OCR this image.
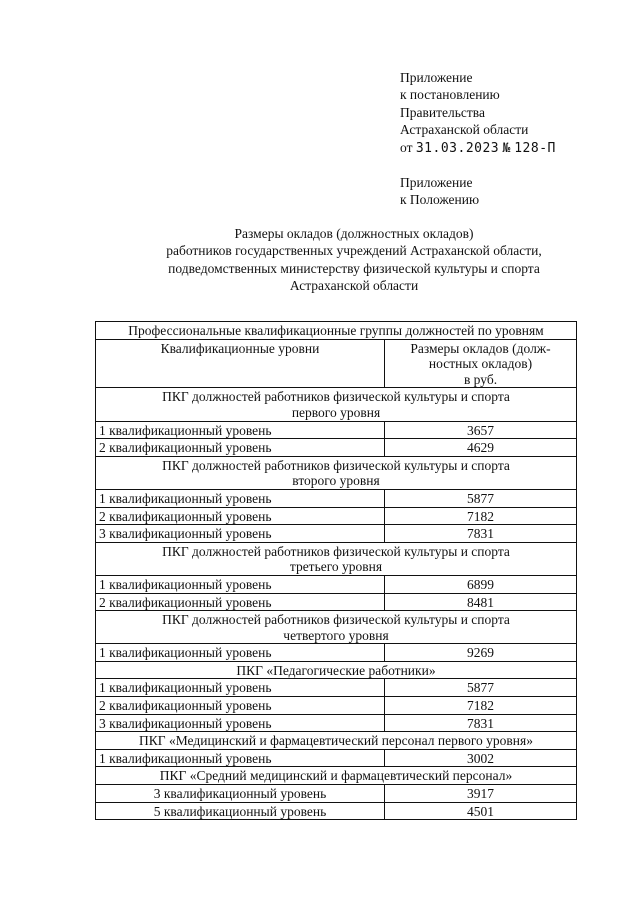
Приложение
к постановлению
Правительства
Астраханской области
от 31.03.2023 № 128-П
Приложение
к Положению
Размеры окладов (должностных окладов)
работников государственных учреждений Астраханской области,
подведомственных министерству физической культуры и спорта
Астраханской области
Профессиональные квалификационные группы должностей по уровням	
Квалификационные уровни	Размеры окладов (долж-
ностных окладов)
в руб.

ПКГ должностей работников физической культуры и спорта
первого уровня	

1 квалификационный уровень	3657
2 квалификационный уровень	4629

ПКГ должностей работников физической культуры и спорта
второго уровня	

1 квалификационный уровень	5877
2 квалификационный уровень	7182
3 квалификационный уровень	7831

ПКГ должностей работников физической культуры и спорта
третьего уровня	

1 квалификационный уровень	6899
2 квалификационный уровень	8481

ПКГ должностей работников физической культуры и спорта
четвертого уровня	

1 квалификационный уровень	9269

ПКГ «Педагогические работники»	

1 квалификационный уровень	5877
2 квалификационный уровень	7182
3 квалификационный уровень	7831

ПКГ «Медицинский и фармацевтический персонал первого уровня»	

1 квалификационный уровень	3002

ПКГ «Средний медицинский и фармацевтический персонал»	

3 квалификационный уровень	3917
5 квалификационный уровень	4501
